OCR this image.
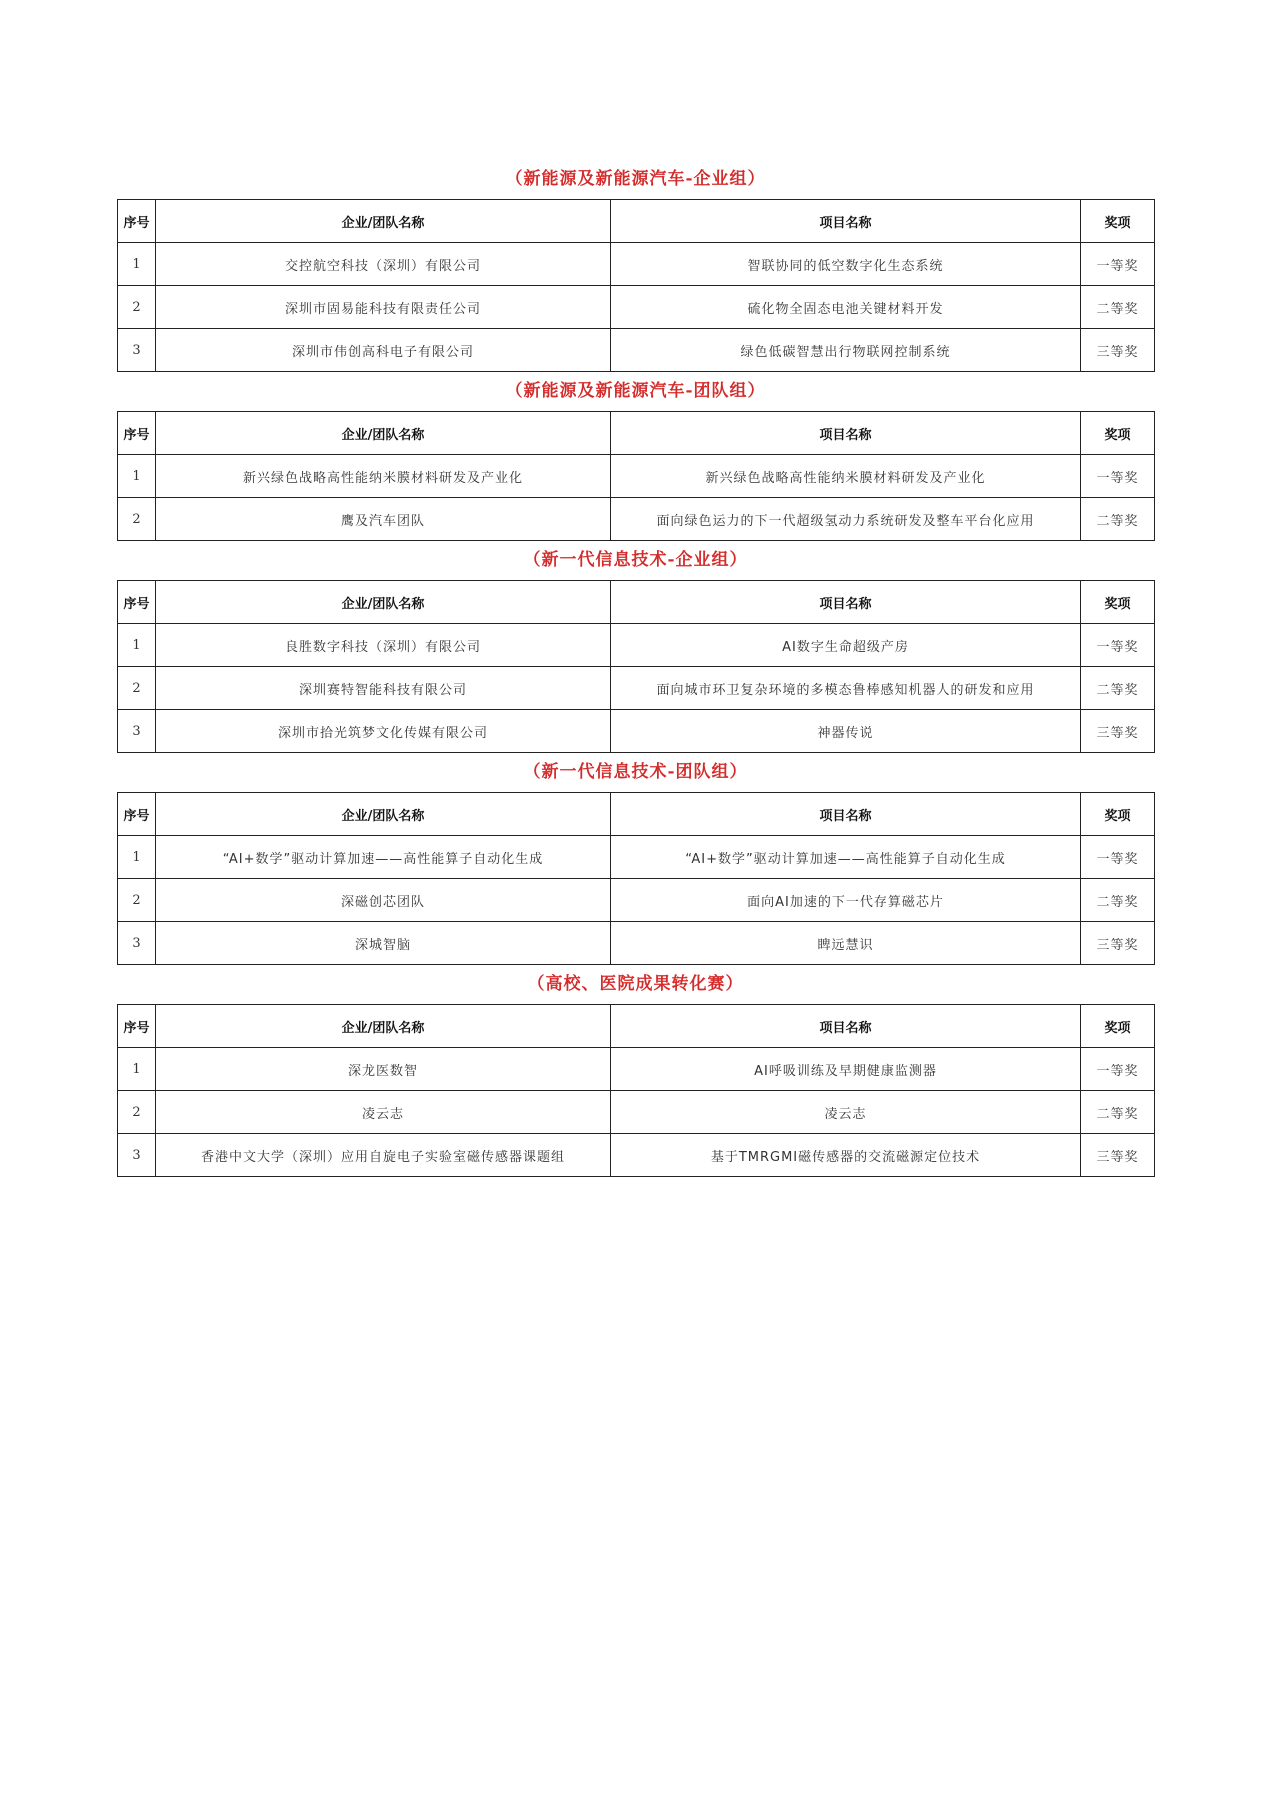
（新能源及新能源汽车-企业组）
序号	企业/团队名称	项目名称	奖项
1	交控航空科技（深圳）有限公司	智联协同的低空数字化生态系统	一等奖
2	深圳市固易能科技有限责任公司	硫化物全固态电池关键材料开发	二等奖
3	深圳市伟创高科电子有限公司	绿色低碳智慧出行物联网控制系统	三等奖
（新能源及新能源汽车-团队组）
序号	企业/团队名称	项目名称	奖项
1	新兴绿色战略高性能纳米膜材料研发及产业化	新兴绿色战略高性能纳米膜材料研发及产业化	一等奖
2	鹰及汽车团队	面向绿色运力的下一代超级氢动力系统研发及整车平台化应用	二等奖
（新一代信息技术-企业组）
序号	企业/团队名称	项目名称	奖项
1	良胜数字科技（深圳）有限公司	AI数字生命超级产房	一等奖
2	深圳赛特智能科技有限公司	面向城市环卫复杂环境的多模态鲁棒感知机器人的研发和应用	二等奖
3	深圳市拾光筑梦文化传媒有限公司	神器传说	三等奖
（新一代信息技术-团队组）
序号	企业/团队名称	项目名称	奖项
1	“AI+数学”驱动计算加速——高性能算子自动化生成	“AI+数学”驱动计算加速——高性能算子自动化生成	一等奖
2	深磁创芯团队	面向AI加速的下一代存算磁芯片	二等奖
3	深城智脑	睥远慧识	三等奖
（高校、医院成果转化赛）
序号	企业/团队名称	项目名称	奖项
1	深龙医数智	AI呼吸训练及早期健康监测器	一等奖
2	凌云志	凌云志	二等奖
3	香港中文大学（深圳）应用自旋电子实验室磁传感器课题组	基于TMRGMI磁传感器的交流磁源定位技术	三等奖
